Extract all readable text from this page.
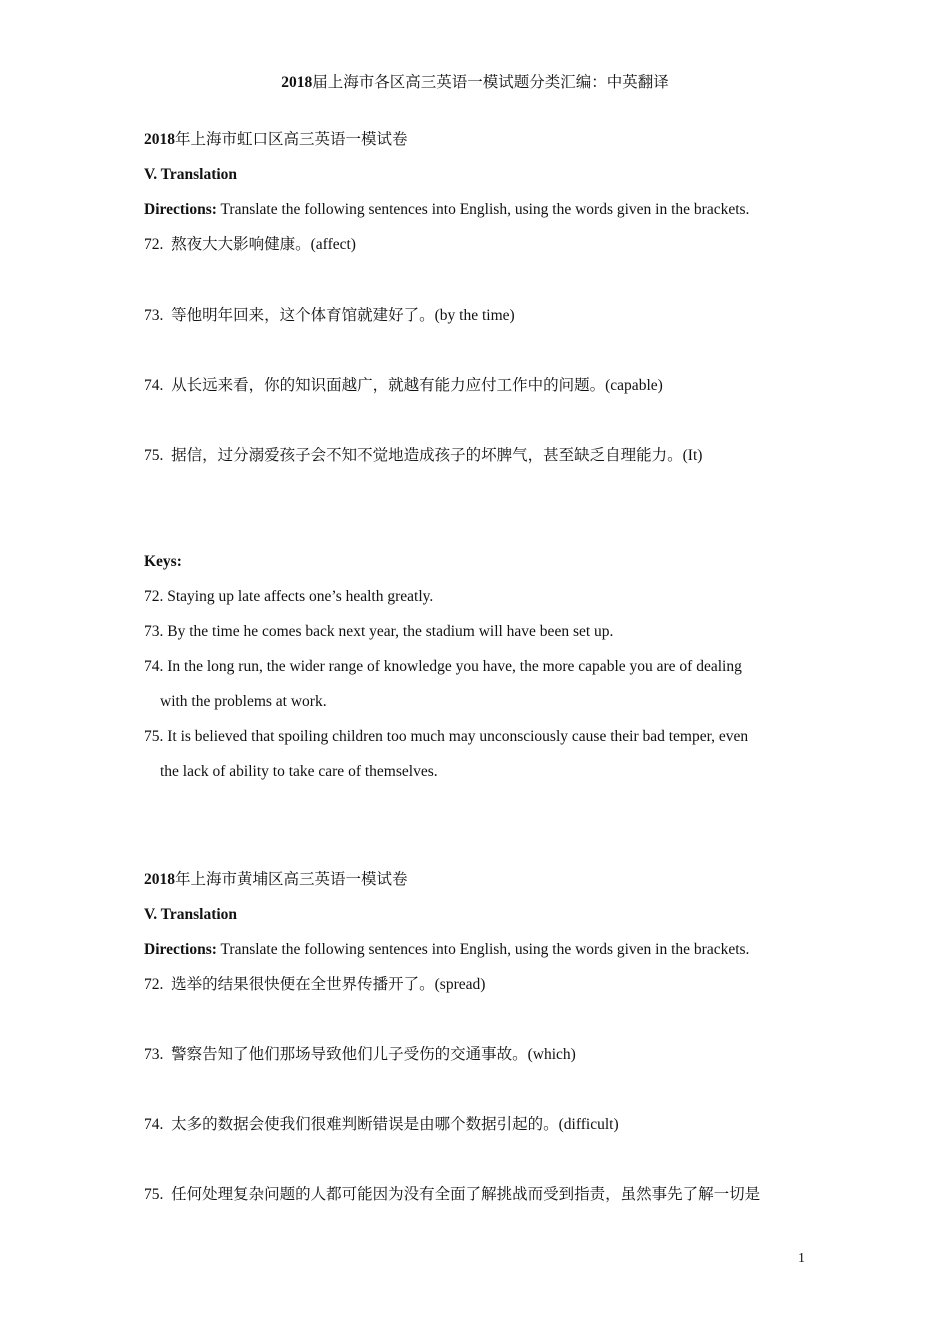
2018届上海市各区高三英语一模试题分类汇编：中英翻译
2018年上海市虹口区高三英语一模试卷
V. Translation
Directions: Translate the following sentences into English, using the words given in the brackets.
72. 熬夜大大影响健康。(affect)
73. 等他明年回来，这个体育馆就建好了。(by the time)
74. 从长远来看，你的知识面越广，就越有能力应付工作中的问题。(capable)
75. 据信，过分溺爱孩子会不知不觉地造成孩子的坏脾气，甚至缺乏自理能力。(It)
Keys:
72. Staying up late affects one’s health greatly.
73. By the time he comes back next year, the stadium will have been set up.
74. In the long run, the wider range of knowledge you have, the more capable you are of dealing
with the problems at work.
75. It is believed that spoiling children too much may unconsciously cause their bad temper, even
the lack of ability to take care of themselves.
2018年上海市黄埔区高三英语一模试卷
V. Translation
Directions: Translate the following sentences into English, using the words given in the brackets.
72. 选举的结果很快便在全世界传播开了。(spread)
73. 警察告知了他们那场导致他们儿子受伤的交通事故。(which)
74. 太多的数据会使我们很难判断错误是由哪个数据引起的。(difficult)
75. 任何处理复杂问题的人都可能因为没有全面了解挑战而受到指责，虽然事先了解一切是
1
